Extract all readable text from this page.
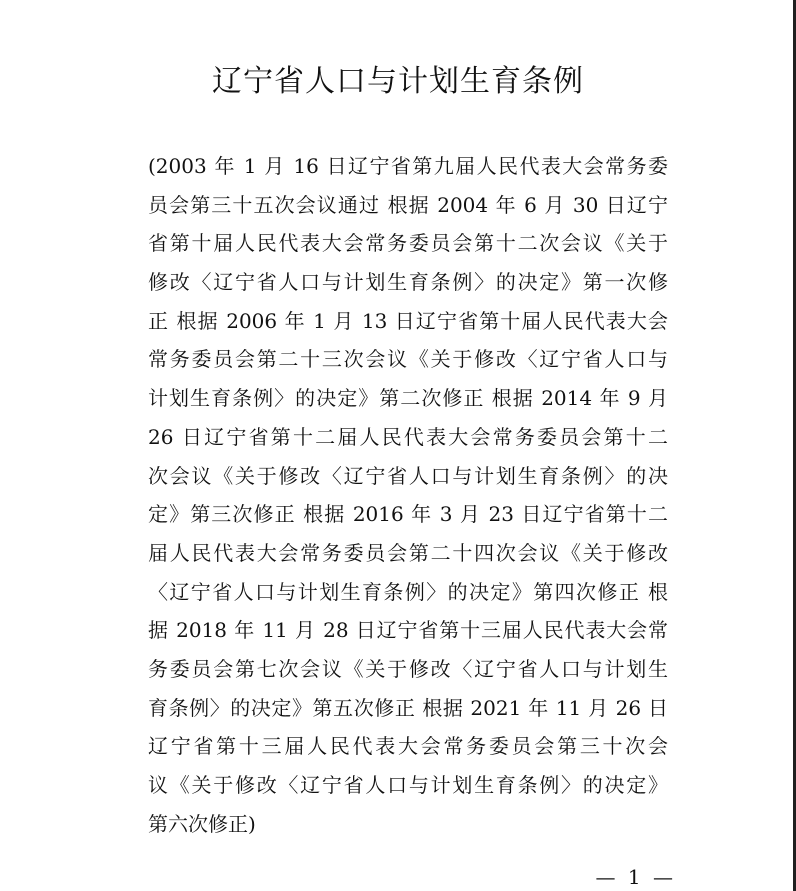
辽宁省人口与计划生育条例
(2003 年 1 月 16 日辽宁省第九届人民代表大会常务委
员会第三十五次会议通过 根据 2004 年 6 月 30 日辽宁
省第十届人民代表大会常务委员会第十二次会议《关于
修改〈辽宁省人口与计划生育条例〉的决定》第一次修
正 根据 2006 年 1 月 13 日辽宁省第十届人民代表大会
常务委员会第二十三次会议《关于修改〈辽宁省人口与
计划生育条例〉的决定》第二次修正 根据 2014 年 9 月
26 日辽宁省第十二届人民代表大会常务委员会第十二
次会议《关于修改〈辽宁省人口与计划生育条例〉的决
定》第三次修正 根据 2016 年 3 月 23 日辽宁省第十二
届人民代表大会常务委员会第二十四次会议《关于修改
〈辽宁省人口与计划生育条例〉的决定》第四次修正 根
据 2018 年 11 月 28 日辽宁省第十三届人民代表大会常
务委员会第七次会议《关于修改〈辽宁省人口与计划生
育条例〉的决定》第五次修正 根据 2021 年 11 月 26 日
辽宁省第十三届人民代表大会常务委员会第三十次会
议《关于修改〈辽宁省人口与计划生育条例〉的决定》
第六次修正)
— 1 —
